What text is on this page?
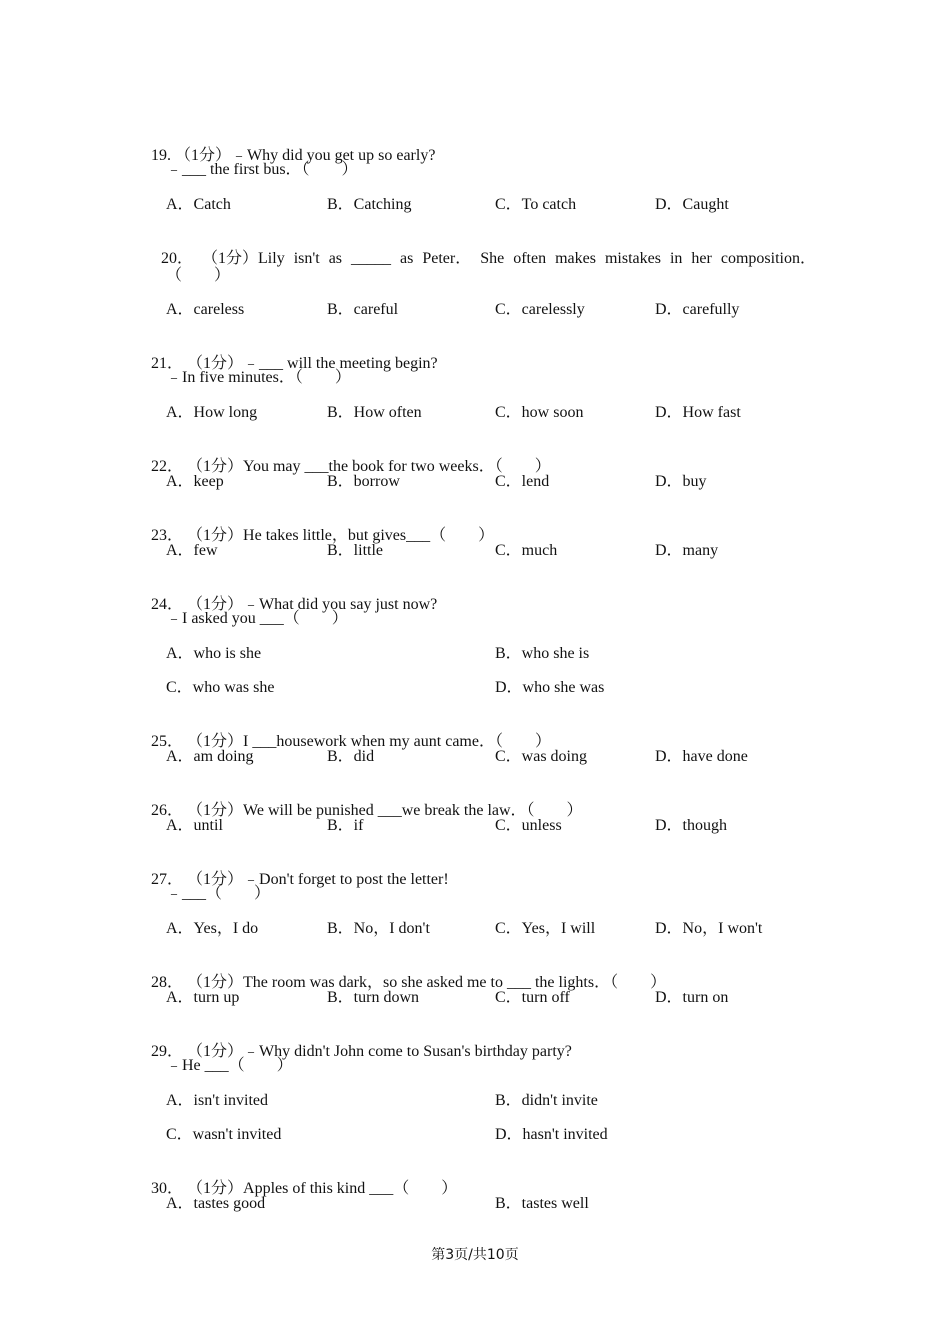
19. （1分）﹣Why did you get up so early?

﹣___ the first bus．（　　）
A．Catch	B．Catching	C．To catch	D．Caught

20． （1分）Lily isn't as _____ as Peter． She often makes mistakes in her composition．

（　　）
A．careless	B．careful	C．carelessly	D．carefully

21． （1分）﹣___ will the meeting begin?

﹣In five minutes．（　　）
A．How long	B．How often	C．how soon	D．How fast

22． （1分）You may ___the book for two weeks．（　　）

A．keep	B．borrow	C．lend	D．buy

23． （1分）He takes little，but gives___（　　）

A．few	B．little	C．much	D．many

24． （1分）﹣What did you say just now?

﹣I asked you ___（　　）
A．who is she	B．who she is
C．who was she	D．who she was

25． （1分）I ___housework when my aunt came．（　　）

A．am doing	B．did	C．was doing	D．have done

26． （1分）We will be punished ___we break the law．（　　）

A．until	B．if	C．unless	D．though

27． （1分）﹣Don't forget to post the letter!

﹣___（　　）
A．Yes，I do	B．No，I don't	C．Yes，I will	D．No，I won't

28． （1分）The room was dark，so she asked me to ___ the lights．（　　）

A．turn up	B．turn down	C．turn off	D．turn on

29． （1分）﹣Why didn't John come to Susan's birthday party?

﹣He ___（　　）
A．isn't invited	B．didn't invite
C．wasn't invited	D．hasn't invited

30． （1分）Apples of this kind ___（　　）

A．tastes good	B．tastes well
第3页/共10页
